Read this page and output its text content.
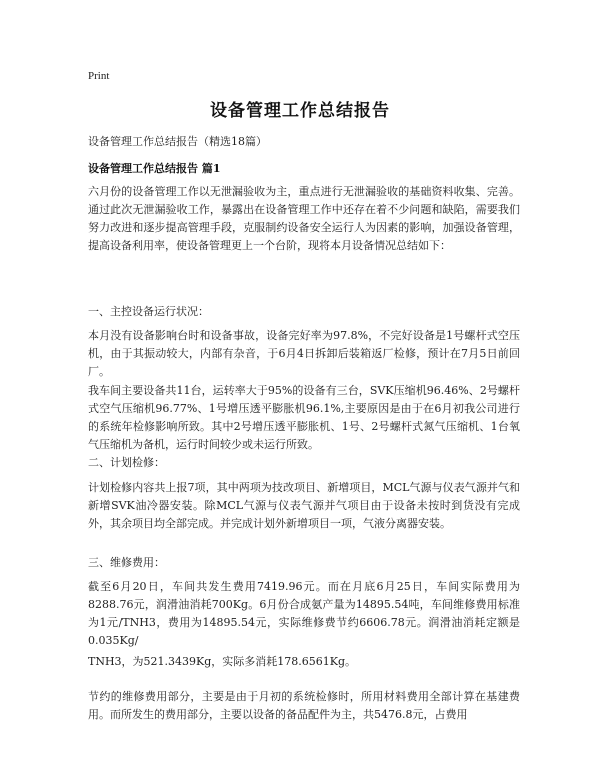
Print
设备管理工作总结报告
设备管理工作总结报告（精选18篇）
设备管理工作总结报告 篇1

六月份的设备管理工作以无泄漏验收为主，重点进行无泄漏验收的基础资料收集、完善。通过此次无泄漏验收工作，暴露出在设备管理工作中还存在着不少问题和缺陷，需要我们努力改进和逐步提高管理手段，克服制约设备安全运行人为因素的影响，加强设备管理，提高设备利用率，使设备管理更上一个台阶，现将本月设备情况总结如下：

一、主控设备运行状况：

本月没有设备影响台时和设备事故，设备完好率为97.8%，不完好设备是1号螺杆式空压机，由于其振动较大，内部有杂音，于6月4日拆卸后装箱返厂检修，预计在7月5日前回厂。

我车间主要设备共11台，运转率大于95%的设备有三台，SVK压缩机96.46%、2号螺杆式空气压缩机96.77%、1号增压透平膨胀机96.1%,主要原因是由于在6月初我公司进行的系统年检修影响所致。其中2号增压透平膨胀机、1号、2号螺杆式氮气压缩机、1台氧气压缩机为备机，运行时间较少或未运行所致。

二、计划检修：

计划检修内容共上报7项，其中两项为技改项目、新增项目，MCL气源与仪表气源并气和新增SVK油冷器安装。除MCL气源与仪表气源并气项目由于设备未按时到货没有完成外，其余项目均全部完成。并完成计划外新增项目一项，气液分离器安装。

三、维修费用：

截至6月20日，车间共发生费用7419.96元。而在月底6月25日，车间实际费用为8288.76元，润滑油消耗700Kg。6月份合成氨产量为14895.54吨，车间维修费用标准为1元/TNH3，费用为14895.54元，实际维修费节约6606.78元。润滑油消耗定额是0.035Kg/

TNH3，为521.3439Kg，实际多消耗178.6561Kg。

节约的维修费用部分，主要是由于月初的系统检修时，所用材料费用全部计算在基建费用。而所发生的费用部分，主要以设备的备品配件为主，共5476.8元，占费用
